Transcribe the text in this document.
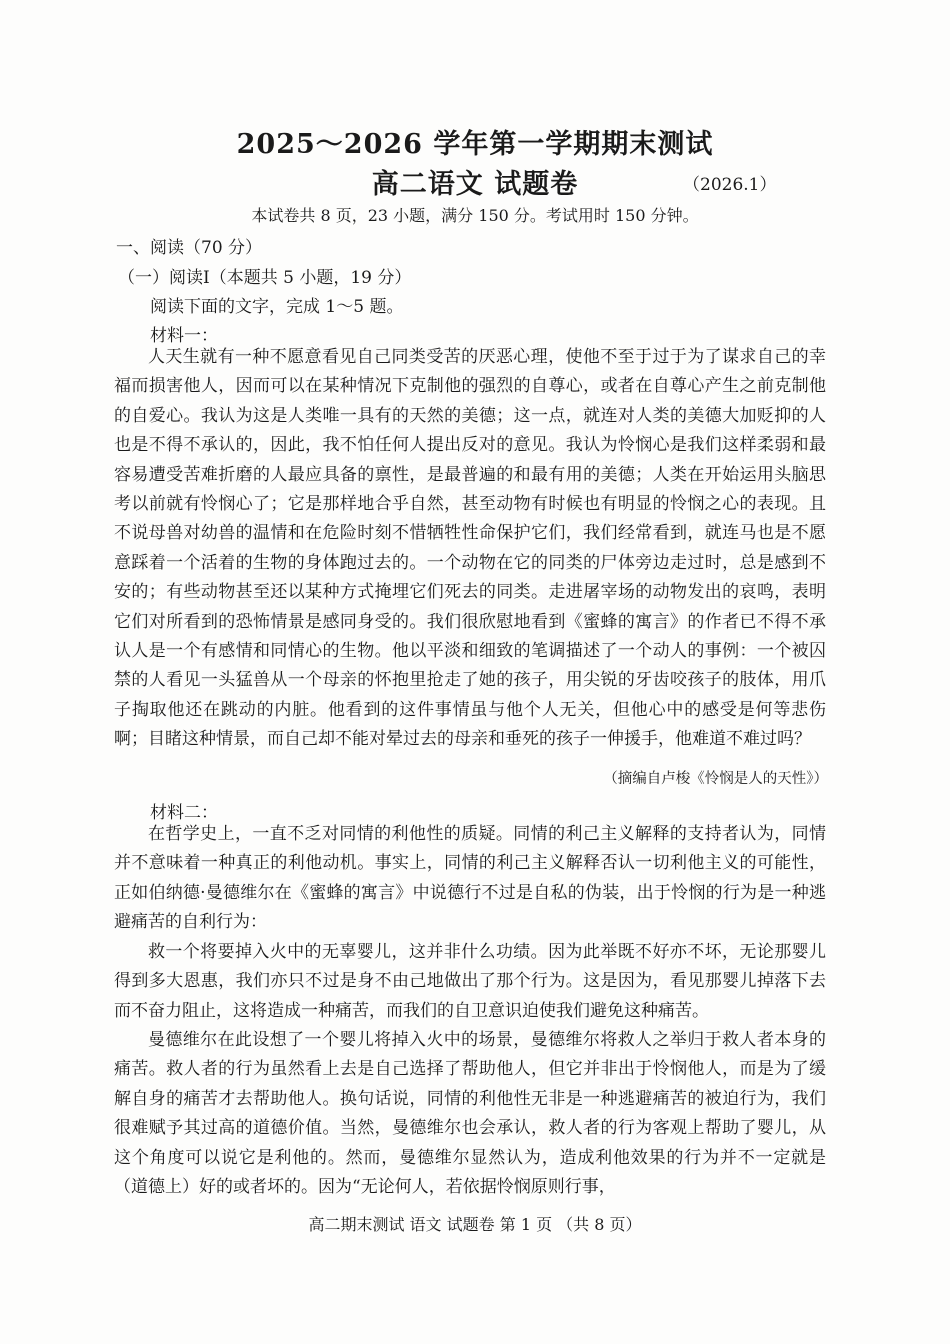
2025～2026 学年第一学期期末测试
高二语文 试题卷	（2026.1）
本试卷共 8 页，23 小题，满分 150 分。考试用时 150 分钟。
一、阅读（70 分）
（一）阅读Ⅰ（本题共 5 小题，19 分）
阅读下面的文字，完成 1～5 题。
材料一：

人天生就有一种不愿意看见自己同类受苦的厌恶心理，使他不至于过于为了谋求自己的幸福而损害他人，因而可以在某种情况下克制他的强烈的自尊心，或者在自尊心产生之前克制他的自爱心。我认为这是人类唯一具有的天然的美德；这一点，就连对人类的美德大加贬抑的人也是不得不承认的，因此，我不怕任何人提出反对的意见。我认为怜悯心是我们这样柔弱和最容易遭受苦难折磨的人最应具备的禀性，是最普遍的和最有用的美德；人类在开始运用头脑思考以前就有怜悯心了；它是那样地合乎自然，甚至动物有时候也有明显的怜悯之心的表现。且不说母兽对幼兽的温情和在危险时刻不惜牺牲性命保护它们，我们经常看到，就连马也是不愿意踩着一个活着的生物的身体跑过去的。一个动物在它的同类的尸体旁边走过时，总是感到不安的；有些动物甚至还以某种方式掩埋它们死去的同类。走进屠宰场的动物发出的哀鸣，表明它们对所看到的恐怖情景是感同身受的。我们很欣慰地看到《蜜蜂的寓言》的作者已不得不承认人是一个有感情和同情心的生物。他以平淡和细致的笔调描述了一个动人的事例：一个被囚禁的人看见一头猛兽从一个母亲的怀抱里抢走了她的孩子，用尖锐的牙齿咬孩子的肢体，用爪子掏取他还在跳动的内脏。他看到的这件事情虽与他个人无关，但他心中的感受是何等悲伤啊；目睹这种情景，而自己却不能对晕过去的母亲和垂死的孩子一伸援手，他难道不难过吗？

（摘编自卢梭《怜悯是人的天性》）
材料二：

在哲学史上，一直不乏对同情的利他性的质疑。同情的利己主义解释的支持者认为，同情并不意味着一种真正的利他动机。事实上，同情的利己主义解释否认一切利他主义的可能性，正如伯纳德·曼德维尔在《蜜蜂的寓言》中说德行不过是自私的伪装，出于怜悯的行为是一种逃避痛苦的自利行为：

救一个将要掉入火中的无辜婴儿，这并非什么功绩。因为此举既不好亦不坏，无论那婴儿得到多大恩惠，我们亦只不过是身不由己地做出了那个行为。这是因为，看见那婴儿掉落下去而不奋力阻止，这将造成一种痛苦，而我们的自卫意识迫使我们避免这种痛苦。

曼德维尔在此设想了一个婴儿将掉入火中的场景，曼德维尔将救人之举归于救人者本身的痛苦。救人者的行为虽然看上去是自己选择了帮助他人，但它并非出于怜悯他人，而是为了缓解自身的痛苦才去帮助他人。换句话说，同情的利他性无非是一种逃避痛苦的被迫行为，我们很难赋予其过高的道德价值。当然，曼德维尔也会承认，救人者的行为客观上帮助了婴儿，从这个角度可以说它是利他的。然而，曼德维尔显然认为，造成利他效果的行为并不一定就是（道德上）好的或者坏的。因为“无论何人，若依据怜悯原则行事，

高二期末测试 语文 试题卷 第 1 页 （共 8 页）
